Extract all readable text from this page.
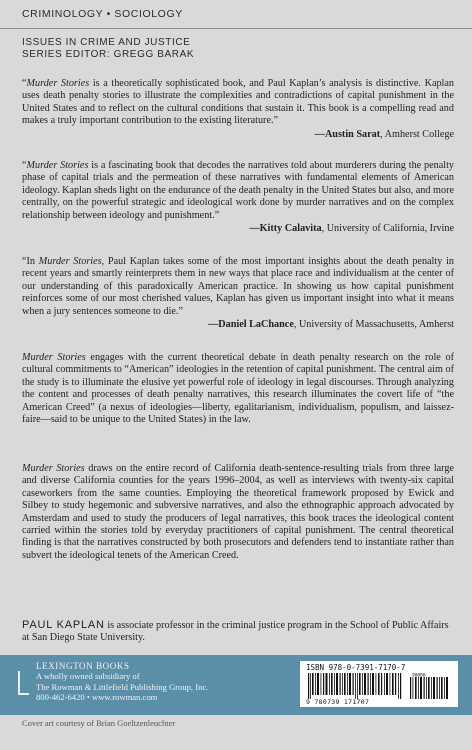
CRIMINOLOGY • SOCIOLOGY
ISSUES IN CRIME AND JUSTICE
SERIES EDITOR: GREGG BARAK
“Murder Stories is a theoretically sophisticated book, and Paul Kaplan’s analysis is distinctive. Kaplan uses death penalty stories to illustrate the complexities and contradictions of capital punishment in the United States and to reflect on the cultural conditions that sustain it. This book is a compelling read and makes a truly important contribution to the existing literature.”
—Austin Sarat, Amherst College
“Murder Stories is a fascinating book that decodes the narratives told about murderers during the penalty phase of capital trials and the permeation of these narratives with fundamental elements of American ideology. Kaplan sheds light on the endurance of the death penalty in the United States but also, and more centrally, on the powerful strategic and ideological work done by murder narratives and on the complex relationship between ideology and punishment.”
—Kitty Calavita, University of California, Irvine
“In Murder Stories, Paul Kaplan takes some of the most important insights about the death penalty in recent years and smartly reinterprets them in new ways that place race and individualism at the center of our understanding of this paradoxically American practice. In showing us how capital punishment reinforces some of our most cherished values, Kaplan has given us important insight into what it means when a jury sentences someone to die.”
—Daniel LaChance, University of Massachusetts, Amherst
Murder Stories engages with the current theoretical debate in death penalty research on the role of cultural commitments to “American” ideologies in the retention of capital punishment. The central aim of the study is to illuminate the elusive yet powerful role of ideology in legal discourses. Through analyzing the content and processes of death penalty narratives, this research illuminates the covert life of “the American Creed” (a nexus of ideologies—liberty, egalitarianism, individualism, populism, and laissez-faire—said to be unique to the United States) in the law.
Murder Stories draws on the entire record of California death-sentence-resulting trials from three large and diverse California counties for the years 1996–2004, as well as interviews with twenty-six capital caseworkers from the same counties. Employing the theoretical framework proposed by Ewick and Silbey to study hegemonic and subversive narratives, and also the ethnographic approach advocated by Amsterdam and used to study the producers of legal narratives, this book traces the ideological content carried within the stories told by everyday practitioners of capital punishment. The central theoretical finding is that the narratives constructed by both prosecutors and defenders tend to instantiate rather than subvert the ideological tenets of the American Creed.
PAUL KAPLAN is associate professor in the criminal justice program in the School of Public Affairs at San Diego State University.
LEXINGTON BOOKS
A wholly owned subsidiary of
The Rowman & Littlefield Publishing Group, Inc.
800-462-6420 • www.rowman.com
ISBN 978-0-7391-7170-7
90000
9 780739 171707
Cover art courtesy of Brian Goeltzenleuchter
